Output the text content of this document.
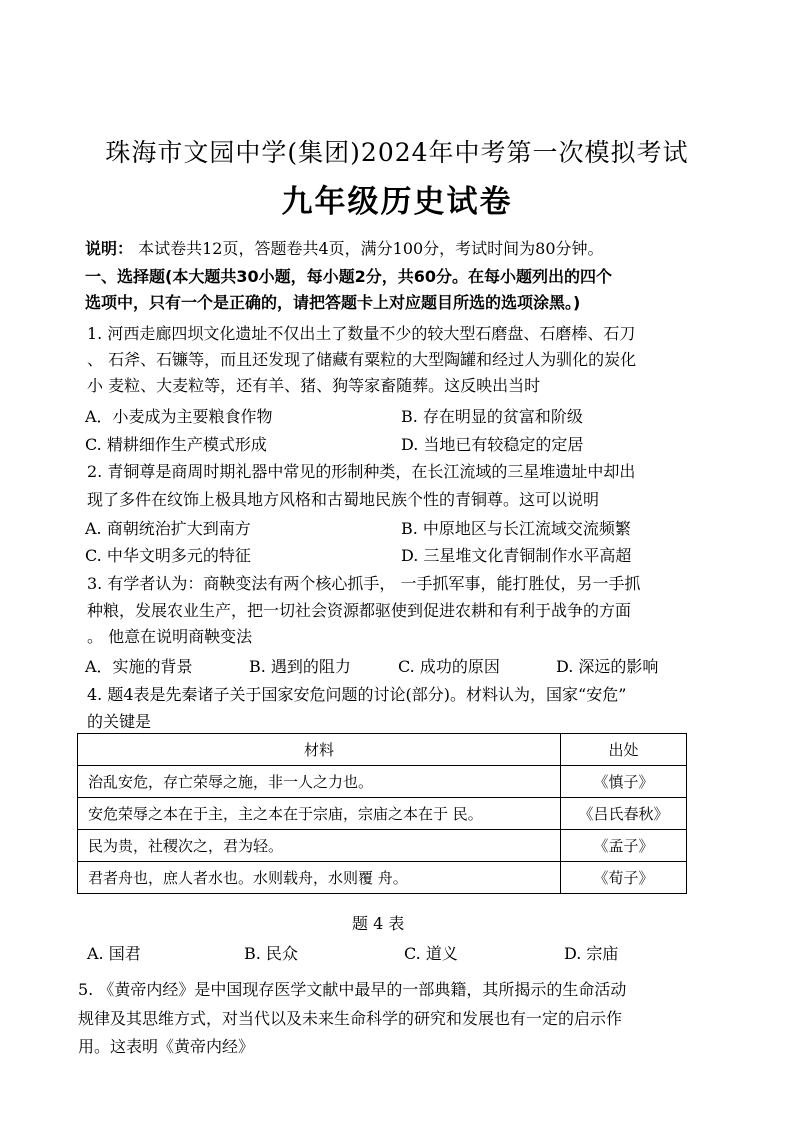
珠海市文园中学(集团)2024年中考第一次模拟考试
九年级历史试卷
说明： 本试卷共12页，答题卷共4页，满分100分，考试时间为80分钟。
一、选择题(本大题共30小题，每小题2分，共60分。在每小题列出的四个
选项中，只有一个是正确的，请把答题卡上对应题目所选的选项涂黑。)
1. 河西走廊四坝文化遗址不仅出土了数量不少的较大型石磨盘、石磨棒、石刀
、 石斧、石镰等，而且还发现了储藏有粟粒的大型陶罐和经过人为驯化的炭化
小 麦粒、大麦粒等，还有羊、猪、狗等家畜随葬。这反映出当时
A．小麦成为主要粮食作物	B. 存在明显的贫富和阶级
C. 精耕细作生产模式形成	D. 当地已有较稳定的定居
2. 青铜尊是商周时期礼器中常见的形制种类，在长江流域的三星堆遗址中却出
现了多件在纹饰上极具地方风格和古蜀地民族个性的青铜尊。这可以说明
A. 商朝统治扩大到南方	B. 中原地区与长江流域交流频繁
C. 中华文明多元的特征	D. 三星堆文化青铜制作水平高超
3. 有学者认为：商鞅变法有两个核心抓手， 一手抓军事，能打胜仗，另一手抓
种粮，发展农业生产，把一切社会资源都驱使到促进农耕和有利于战争的方面
。 他意在说明商鞅变法
A．实施的背景	B. 遇到的阻力	C. 成功的原因	D. 深远的影响
4. 题4表是先秦诸子关于国家安危问题的讨论(部分)。材料认为，国家“安危”
的关键是
材料	出处
治乱安危，存亡荣辱之施，非一人之力也。	《慎子》
安危荣辱之本在于主，主之本在于宗庙，宗庙之本在于 民。	《吕氏春秋》
民为贵，社稷次之，君为轻。	《孟子》
君者舟也，庶人者水也。水则载舟，水则覆 舟。	《荀子》
题 4 表
A. 国君	B. 民众	C. 道义	D. 宗庙
5. 《黄帝内经》是中国现存医学文献中最早的一部典籍，其所揭示的生命活动
规律及其思维方式，对当代以及未来生命科学的研究和发展也有一定的启示作
用。这表明《黄帝内经》
